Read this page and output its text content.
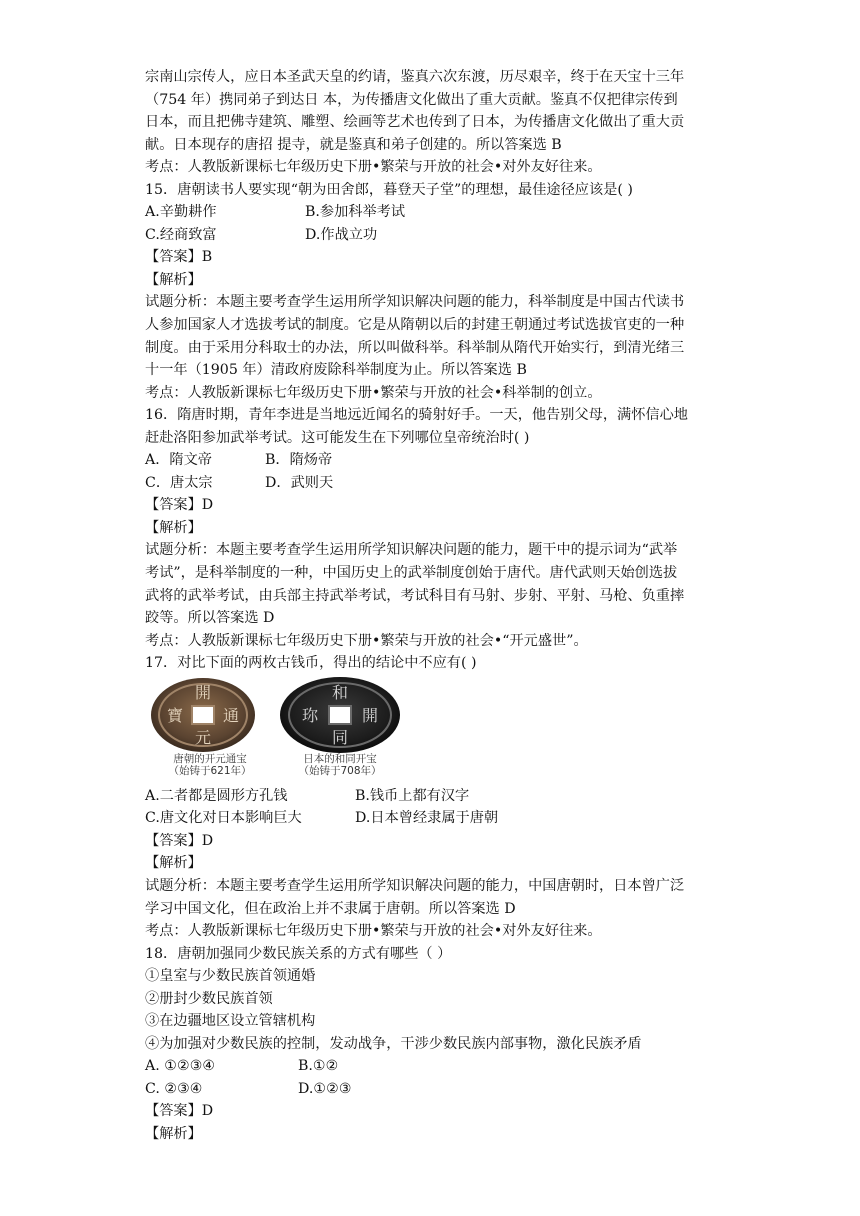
宗南山宗传人，应日本圣武天皇的约请，鉴真六次东渡，历尽艰辛，终于在天宝十三年
（754 年）携同弟子到达日 本，为传播唐文化做出了重大贡献。鉴真不仅把律宗传到
日本，而且把佛寺建筑、雕塑、绘画等艺术也传到了日本，为传播唐文化做出了重大贡
献。日本现存的唐招 提寺，就是鉴真和弟子创建的。所以答案选 B
考点：人教版新课标七年级历史下册•繁荣与开放的社会•对外友好往来。
15．唐朝读书人要实现“朝为田舍郎，暮登天子堂”的理想，最佳途径应该是( )
A.辛勤耕作	B.参加科举考试
C.经商致富	D.作战立功
【答案】B
【解析】
试题分析：本题主要考查学生运用所学知识解决问题的能力，科举制度是中国古代读书
人参加国家人才选拔考试的制度。它是从隋朝以后的封建王朝通过考试选拔官吏的一种
制度。由于采用分科取士的办法，所以叫做科举。科举制从隋代开始实行，到清光绪三
十一年（1905 年）清政府废除科举制度为止。所以答案选 B
考点：人教版新课标七年级历史下册•繁荣与开放的社会•科举制的创立。
16．隋唐时期，青年李进是当地远近闻名的骑射好手。一天，他告别父母，满怀信心地
赶赴洛阳参加武举考试。这可能发生在下列哪位皇帝统治时( )
A．隋文帝	B．隋炀帝
C．唐太宗	D．武则天
【答案】D
【解析】
试题分析：本题主要考查学生运用所学知识解决问题的能力，题干中的提示词为“武举
考试”，是科举制度的一种，中国历史上的武举制度创始于唐代。唐代武则天始创选拔
武将的武举考试，由兵部主持武举考试，考试科目有马射、步射、平射、马枪、负重摔
跤等。所以答案选 D
考点：人教版新课标七年级历史下册•繁荣与开放的社会•“开元盛世”。
17．对比下面的两枚古钱币，得出的结论中不应有( )
開
元
通
寶
唐朝的开元通宝
（始铸于621年）
和
同
開
珎
日本的和同开宝
（始铸于708年）
A.二者都是圆形方孔钱	B.钱币上都有汉字
C.唐文化对日本影响巨大	D.日本曾经隶属于唐朝
【答案】D
【解析】
试题分析：本题主要考查学生运用所学知识解决问题的能力，中国唐朝时，日本曾广泛
学习中国文化，但在政治上并不隶属于唐朝。所以答案选 D
考点：人教版新课标七年级历史下册•繁荣与开放的社会•对外友好往来。
18．唐朝加强同少数民族关系的方式有哪些（ ）
①皇室与少数民族首领通婚
②册封少数民族首领
③在边疆地区设立管辖机构
④为加强对少数民族的控制，发动战争，干涉少数民族内部事物，激化民族矛盾
A. ①②③④	B.①②
C. ②③④	D.①②③
【答案】D
【解析】
